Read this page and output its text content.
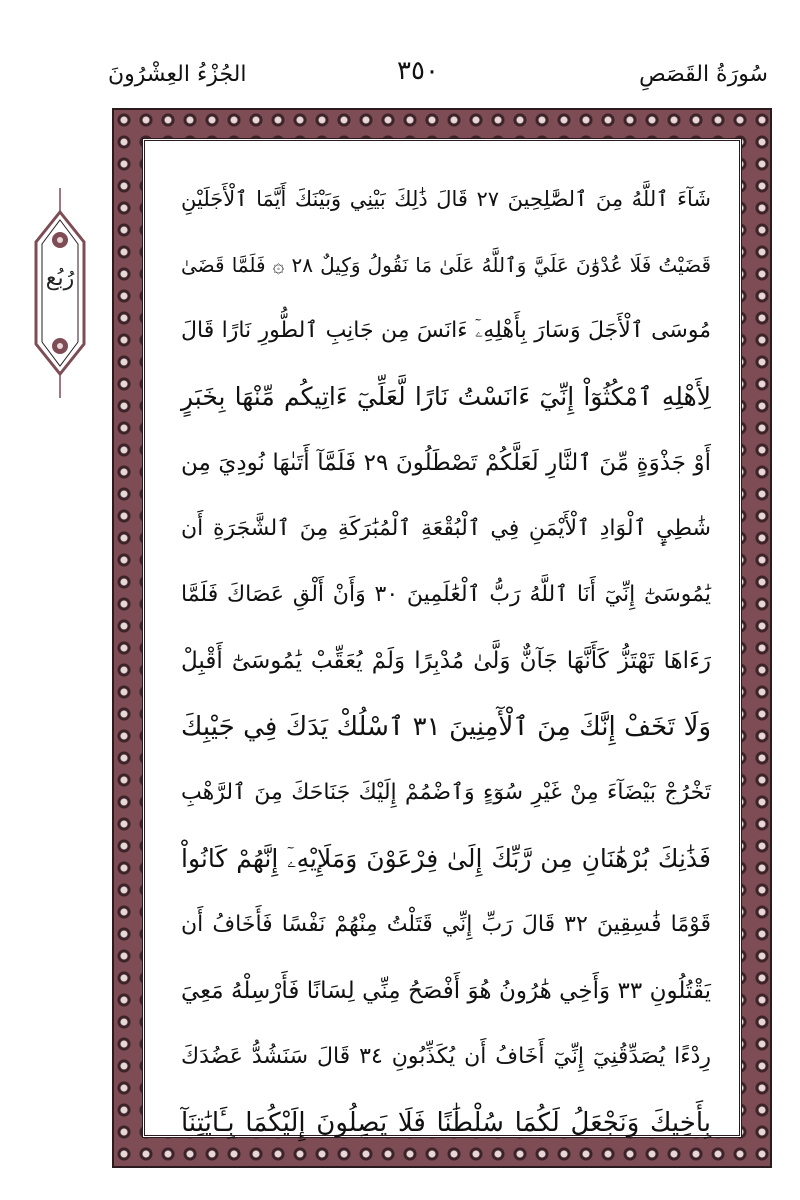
الجُزْءُ العِشْرُونَ	٣٥٠	سُورَةُ القَصَصِ
رُبُع
شَآءَ ٱللَّهُ مِنَ ٱلصَّٰلِحِينَ ٢٧ قَالَ ذَٰلِكَ بَيْنِي وَبَيْنَكَ أَيَّمَا ٱلْأَجَلَيْنِ
قَضَيْتُ فَلَا عُدْوَٰنَ عَلَيَّ وَٱللَّهُ عَلَىٰ مَا نَقُولُ وَكِيلٌ ٢٨ ۞ فَلَمَّا قَضَىٰ
مُوسَى ٱلْأَجَلَ وَسَارَ بِأَهْلِهِۦٓ ءَانَسَ مِن جَانِبِ ٱلطُّورِ نَارًا قَالَ
لِأَهْلِهِ ٱمْكُثُوٓاْ إِنِّيٓ ءَانَسْتُ نَارًا لَّعَلِّيٓ ءَاتِيكُم مِّنْهَا بِخَبَرٍ
أَوْ جَذْوَةٍ مِّنَ ٱلنَّارِ لَعَلَّكُمْ تَصْطَلُونَ ٢٩ فَلَمَّآ أَتَىٰهَا نُودِيَ مِن
شَٰطِيِٕ ٱلْوَادِ ٱلْأَيْمَنِ فِي ٱلْبُقْعَةِ ٱلْمُبَٰرَكَةِ مِنَ ٱلشَّجَرَةِ أَن
يَٰمُوسَىٰٓ إِنِّيٓ أَنَا ٱللَّهُ رَبُّ ٱلْعَٰلَمِينَ ٣٠ وَأَنْ أَلْقِ عَصَاكَ فَلَمَّا
رَءَاهَا تَهْتَزُّ كَأَنَّهَا جَآنٌّ وَلَّىٰ مُدْبِرًا وَلَمْ يُعَقِّبْ يَٰمُوسَىٰٓ أَقْبِلْ
وَلَا تَخَفْ إِنَّكَ مِنَ ٱلْأٓمِنِينَ ٣١ ٱسْلُكْ يَدَكَ فِي جَيْبِكَ
تَخْرُجْ بَيْضَآءَ مِنْ غَيْرِ سُوٓءٍ وَٱضْمُمْ إِلَيْكَ جَنَاحَكَ مِنَ ٱلرَّهْبِ
فَذَٰنِكَ بُرْهَٰنَانِ مِن رَّبِّكَ إِلَىٰ فِرْعَوْنَ وَمَلَإِيْهِۦٓ إِنَّهُمْ كَانُواْ
قَوْمًا فَٰسِقِينَ ٣٢ قَالَ رَبِّ إِنِّي قَتَلْتُ مِنْهُمْ نَفْسًا فَأَخَافُ أَن
يَقْتُلُونِ ٣٣ وَأَخِي هَٰرُونُ هُوَ أَفْصَحُ مِنِّي لِسَانًا فَأَرْسِلْهُ مَعِيَ
رِدْءًا يُصَدِّقُنِيٓ إِنِّيٓ أَخَافُ أَن يُكَذِّبُونِ ٣٤ قَالَ سَنَشُدُّ عَضُدَكَ
بِأَخِيكَ وَنَجْعَلُ لَكُمَا سُلْطَٰنًا فَلَا يَصِلُونَ إِلَيْكُمَا بِـَٔايَٰتِنَآ
